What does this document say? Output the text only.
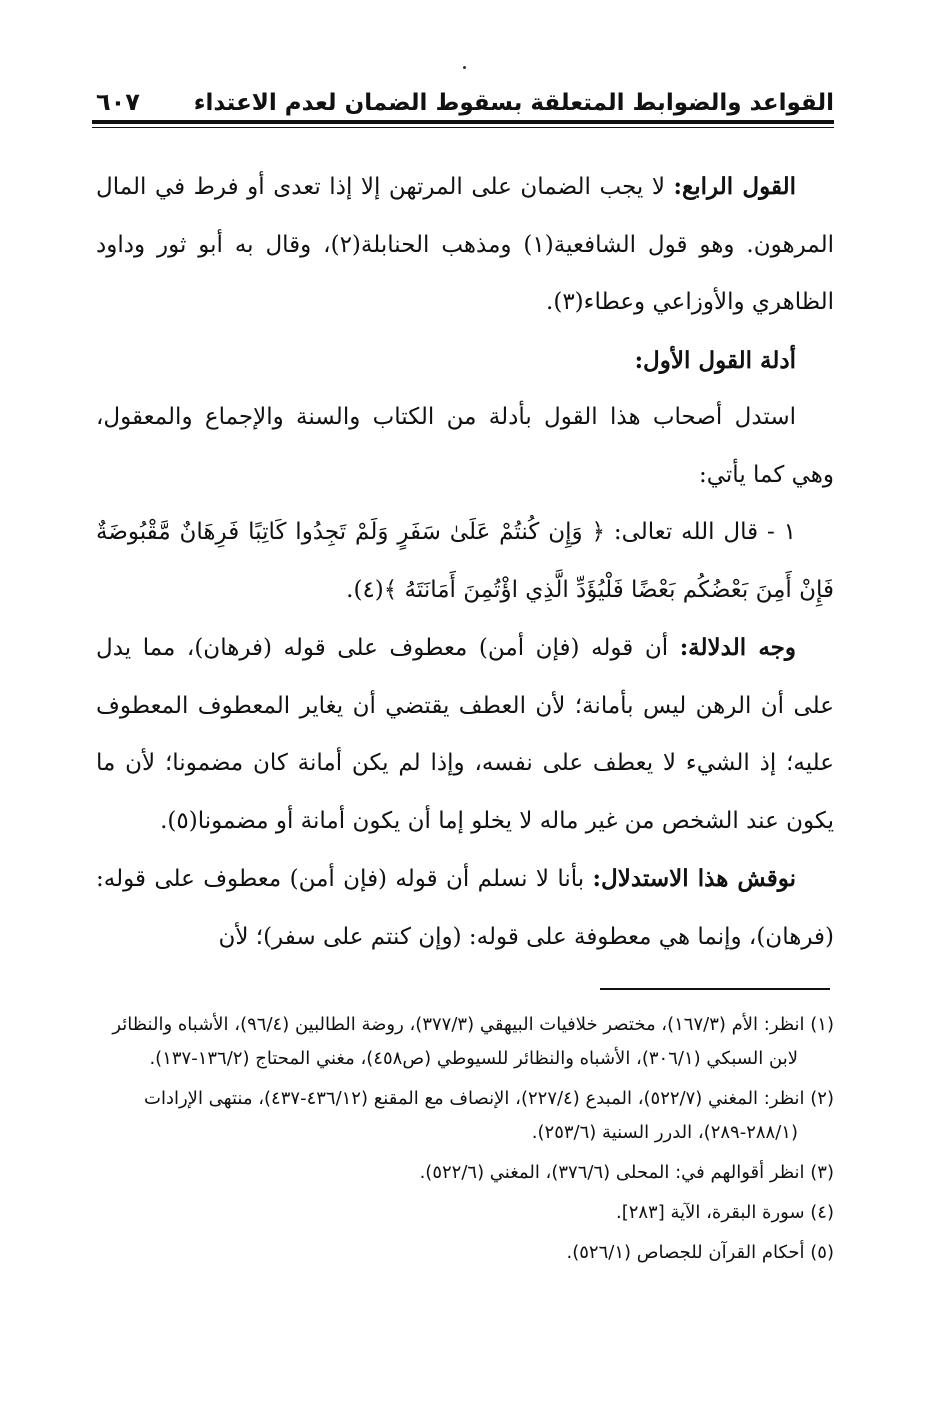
القواعد والضوابط المتعلقة بسقوط الضمان لعدم الاعتداء
٦٠٧

القول الرابع: لا يجب الضمان على المرتهن إلا إذا تعدى أو فرط في المال المرهون. وهو قول الشافعية(١) ومذهب الحنابلة(٢)، وقال به أبو ثور وداود الظاهري والأوزاعي وعطاء(٣).

أدلة القول الأول:

استدل أصحاب هذا القول بأدلة من الكتاب والسنة والإجماع والمعقول، وهي كما يأتي:

١ - قال الله تعالى: ﴿ وَإِن كُنتُمْ عَلَىٰ سَفَرٍ وَلَمْ تَجِدُوا كَاتِبًا فَرِهَانٌ مَّقْبُوضَةٌ فَإِنْ أَمِنَ بَعْضُكُم بَعْضًا فَلْيُؤَدِّ الَّذِي اؤْتُمِنَ أَمَانَتَهُ ﴾(٤).

وجه الدلالة: أن قوله (فإن أمن) معطوف على قوله (فرهان)، مما يدل على أن الرهن ليس بأمانة؛ لأن العطف يقتضي أن يغاير المعطوف المعطوف عليه؛ إذ الشيء لا يعطف على نفسه، وإذا لم يكن أمانة كان مضمونا؛ لأن ما يكون عند الشخص من غير ماله لا يخلو إما أن يكون أمانة أو مضمونا(٥).

نوقش هذا الاستدلال: بأنا لا نسلم أن قوله (فإن أمن) معطوف على قوله: (فرهان)، وإنما هي معطوفة على قوله: (وإن كنتم على سفر)؛ لأن

(١) انظر: الأم (١٦٧/٣)، مختصر خلافيات البيهقي (٣٧٧/٣)، روضة الطالبين (٩٦/٤)، الأشباه والنظائر لابن السبكي (٣٠٦/١)، الأشباه والنظائر للسيوطي (ص٤٥٨)، مغني المحتاج (١٣٦/٢-١٣٧).

(٢) انظر: المغني (٥٢٢/٧)، المبدع (٢٢٧/٤)، الإنصاف مع المقنع (٤٣٦/١٢-٤٣٧)، منتهى الإرادات (٢٨٨/١-٢٨٩)، الدرر السنية (٢٥٣/٦).

(٣) انظر أقوالهم في: المحلى (٣٧٦/٦)، المغني (٥٢٢/٦).

(٤) سورة البقرة، الآية [٢٨٣].

(٥) أحكام القرآن للجصاص (٥٢٦/١).
